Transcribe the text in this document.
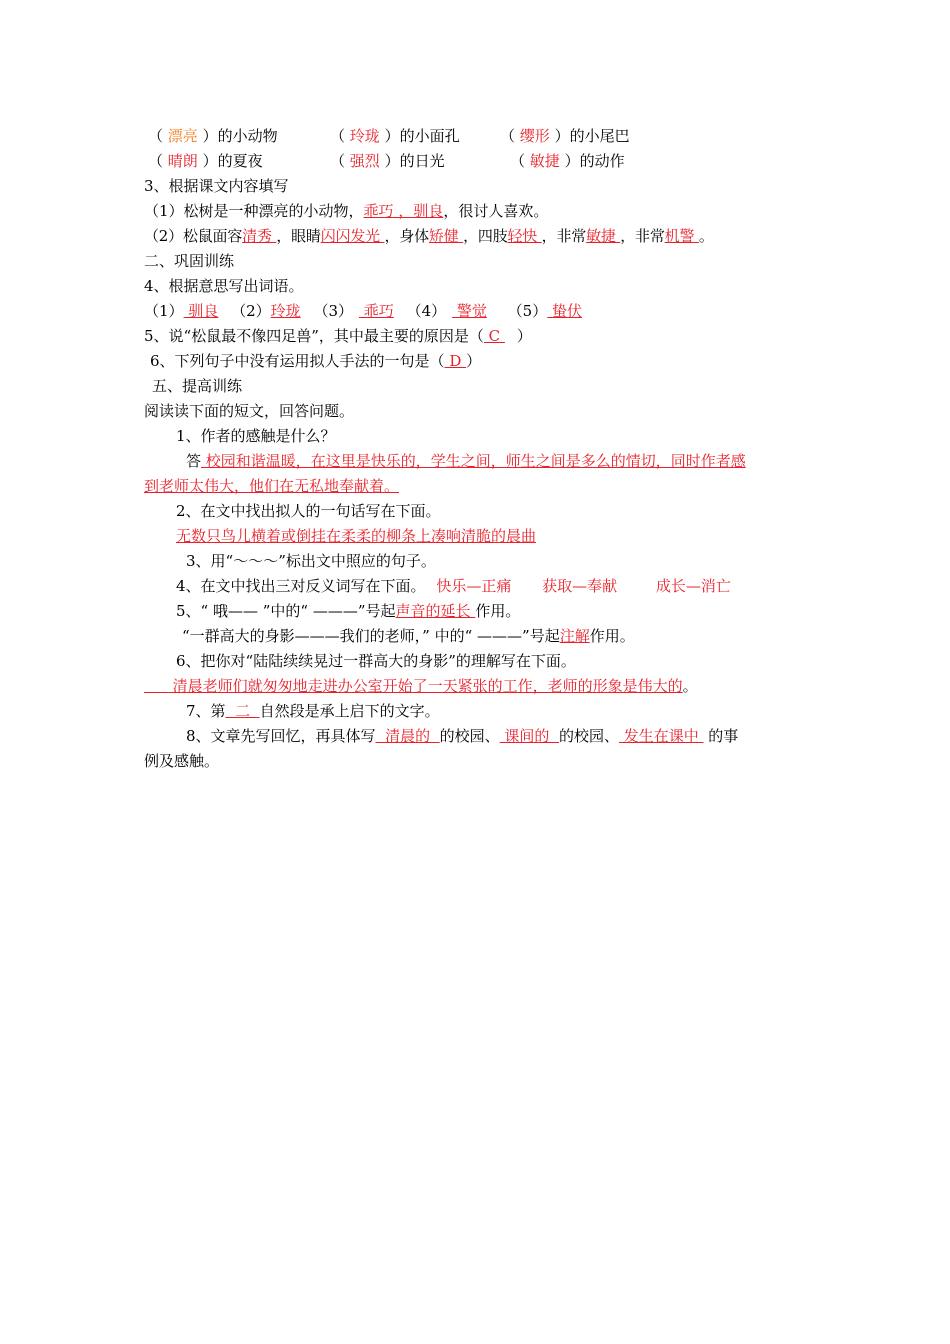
（ 漂亮 ）的小动物	（ 玲珑 ）的小面孔	（ 缨形 ）的小尾巴
（ 晴朗 ）的夏夜	（ 强烈 ）的日光	（ 敏捷 ）的动作
3、根据课文内容填写
（1）松树是一种漂亮的小动物，乖巧 ，驯良，很讨人喜欢。
（2）松鼠面容清秀 ，眼睛闪闪发光 ，身体矫健 ，四肢轻快 ，非常敏捷 ，非常机警 。
二、巩固训练
4、根据意思写出词语。
（1） 驯良 （2）玲珑 （3） 乖巧 （4） 警觉 （5） 蛰伏
5、说“松鼠最不像四足兽”，其中最主要的原因是（ C ）
6、下列句子中没有运用拟人手法的一句是（ D ）
五、提高训练
阅读读下面的短文，回答问题。
1、作者的感触是什么？
答 校园和谐温暖，在这里是快乐的，学生之间，师生之间是多么的情切，同时作者感
到老师太伟大，他们在无私地奉献着。
2、在文中找出拟人的一句话写在下面。
无数只鸟儿横着或倒挂在柔柔的柳条上凑响清脆的晨曲
3、用“～～～”标出文中照应的句子。
4、在文中找出三对反义词写在下面。 快乐—正痛 获取—奉献	成长—消亡
5、“ 哦—— ”中的“ ———”号起声音的延长 作用。
“一群高大的身影———我们的老师，” 中的“ ———”号起注解作用。
6、把你对“陆陆续续晃过一群高大的身影”的理解写在下面。
清晨老师们就匆匆地走进办公室开始了一天紧张的工作，老师的形象是伟大的。
7、第  二  自然段是承上启下的文字。
8、文章先写回忆，再具体写  清晨的  的校园、 课间的  的校园、 发生在课中  的事
例及感触。
